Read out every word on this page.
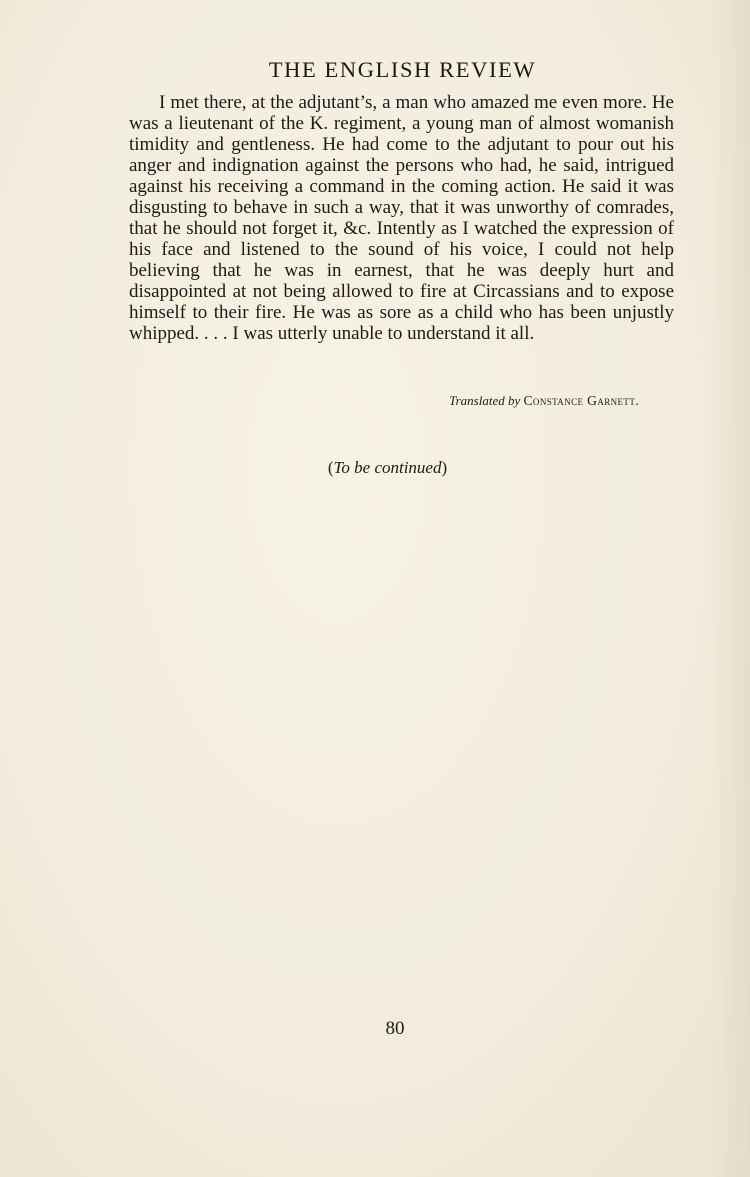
THE ENGLISH REVIEW

I met there, at the adjutant’s, a man who amazed me even more. He was a lieutenant of the K. regiment, a young man of almost womanish timidity and gentleness. He had come to the adjutant to pour out his anger and indignation against the persons who had, he said, intrigued against his receiving a command in the coming action. He said it was disgusting to behave in such a way, that it was unworthy of comrades, that he should not forget it, &c. Intently as I watched the expression of his face and listened to the sound of his voice, I could not help believing that he was in earnest, that he was deeply hurt and disappointed at not being allowed to fire at Circassians and to expose himself to their fire. He was as sore as a child who has been unjustly whipped. . . . I was utterly unable to understand it all.

Translated by Constance Garnett.
(To be continued)
80
